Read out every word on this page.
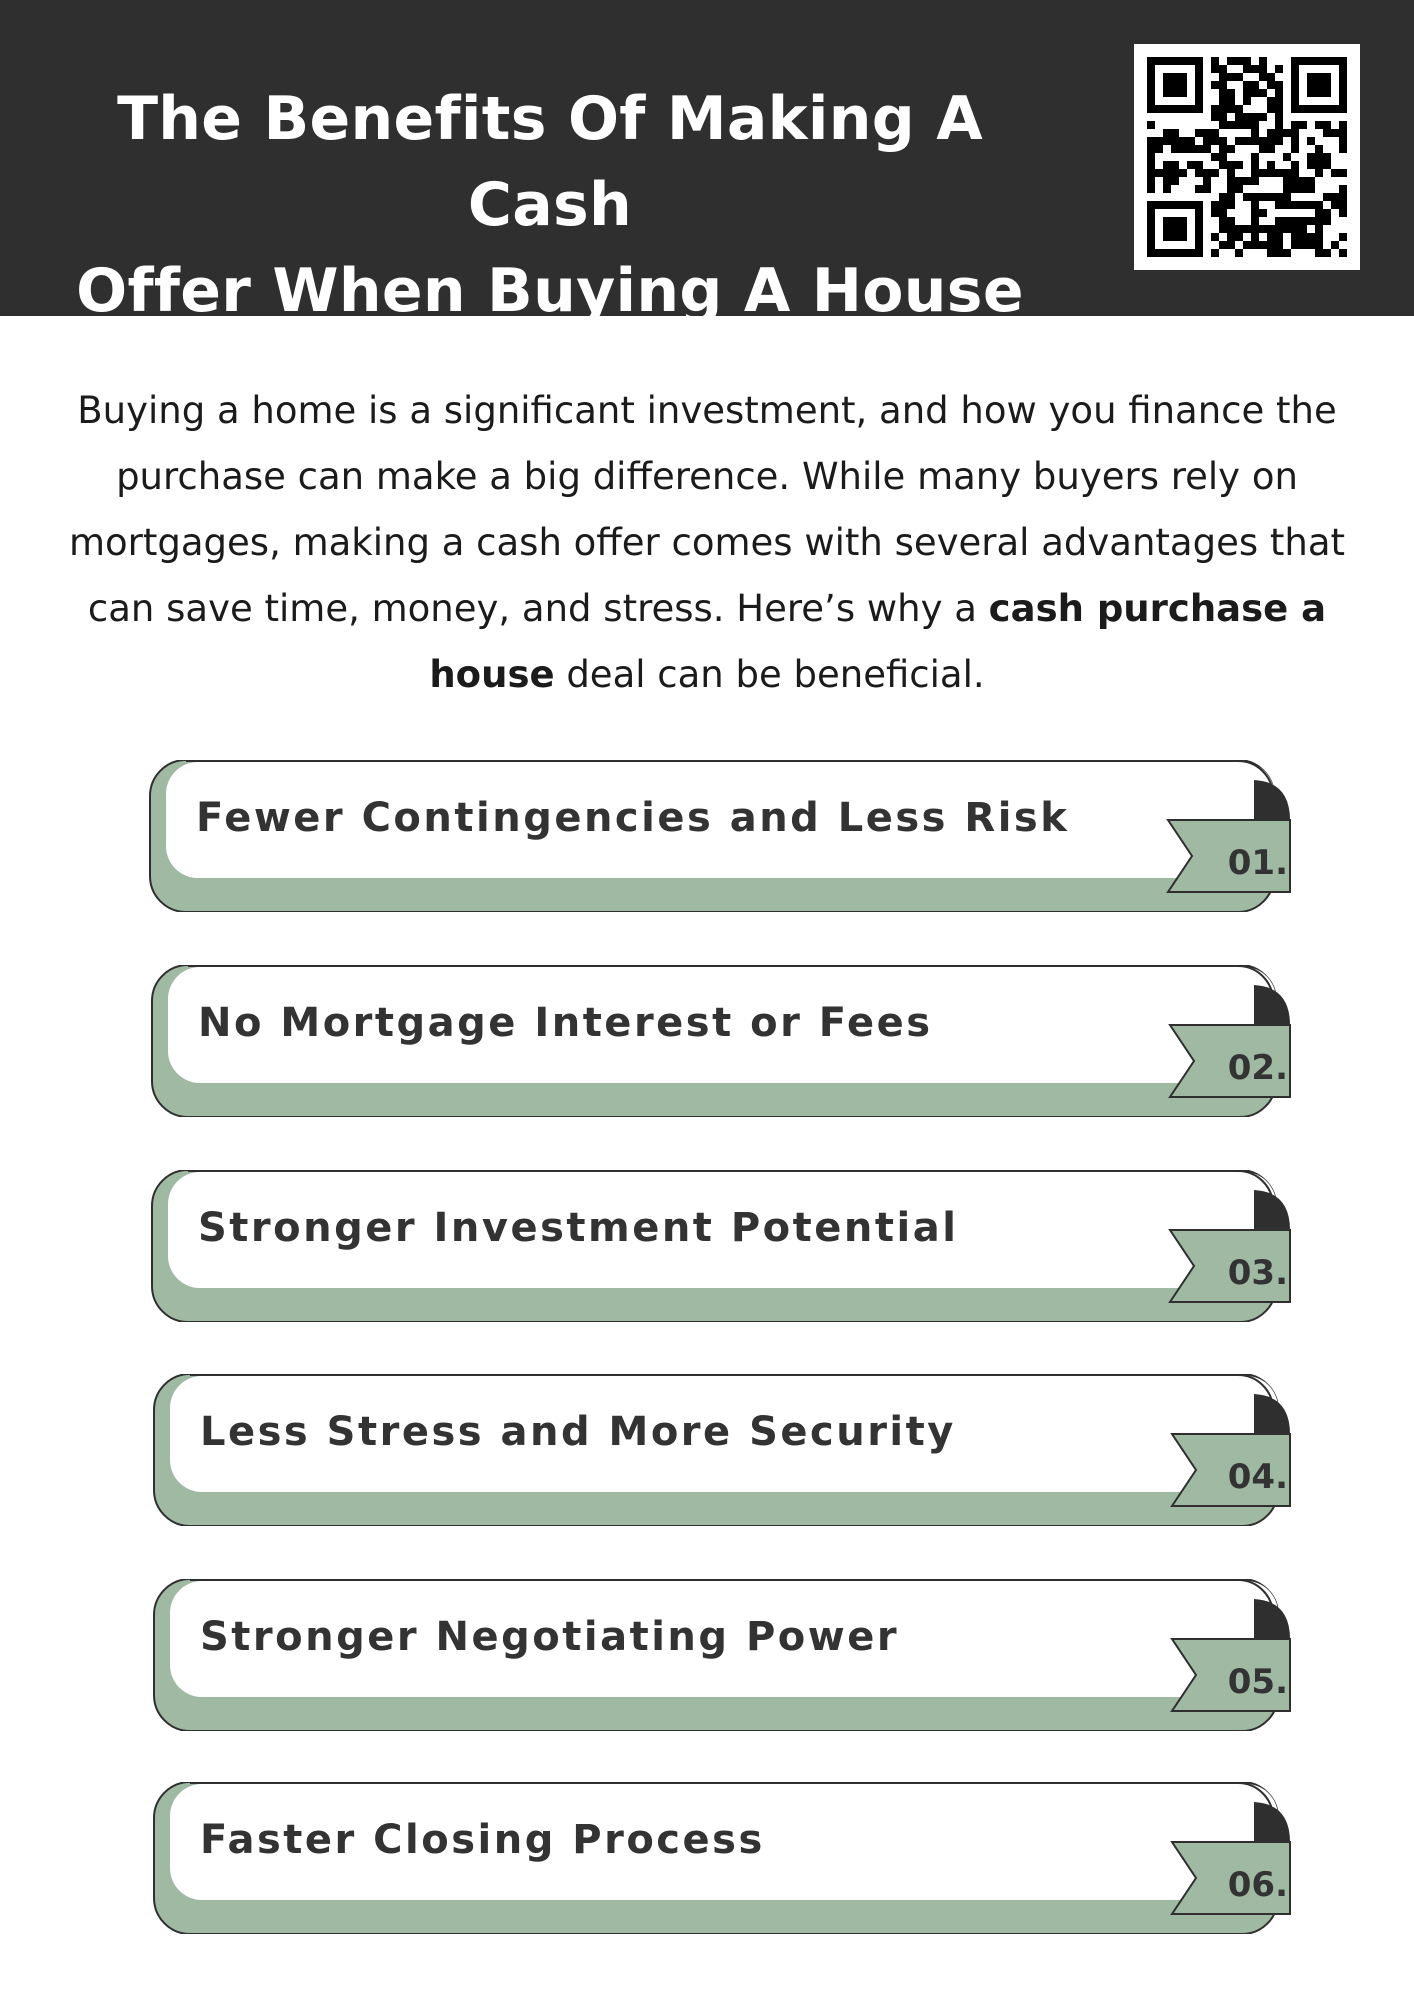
The Benefits Of Making A Cash
Offer When Buying A House

Buying a home is a significant investment, and how you finance the purchase can make a big difference. While many buyers rely on mortgages, making a cash offer comes with several advantages that can save time, money, and stress. Here’s why a cash purchase a house deal can be beneficial.

Fewer Contingencies and Less Risk
01.
No Mortgage Interest or Fees
02.
Stronger Investment Potential
03.
Less Stress and More Security
04.
Stronger Negotiating Power
05.
Faster Closing Process
06.
